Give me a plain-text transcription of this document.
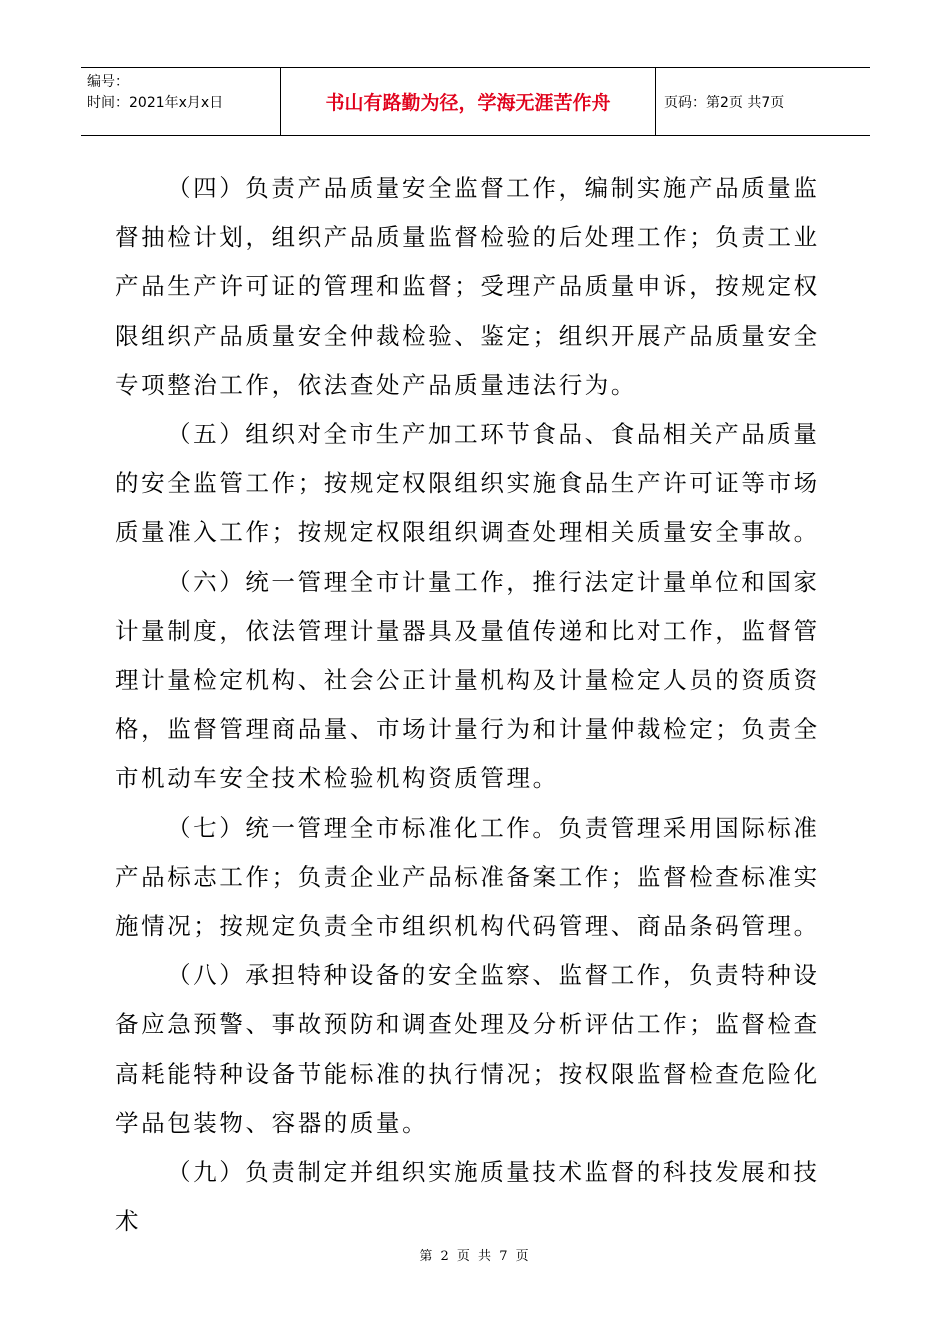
编号：
时间：2021年x月x日	书山有路勤为径，学海无涯苦作舟	页码：第2页 共7页

（四）负责产品质量安全监督工作，编制实施产品质量监督抽检计划，组织产品质量监督检验的后处理工作；负责工业产品生产许可证的管理和监督；受理产品质量申诉，按规定权限组织产品质量安全仲裁检验、鉴定；组织开展产品质量安全专项整治工作，依法查处产品质量违法行为。

（五）组织对全市生产加工环节食品、食品相关产品质量的安全监管工作；按规定权限组织实施食品生产许可证等市场质量准入工作；按规定权限组织调查处理相关质量安全事故。

（六）统一管理全市计量工作，推行法定计量单位和国家计量制度，依法管理计量器具及量值传递和比对工作，监督管理计量检定机构、社会公正计量机构及计量检定人员的资质资格，监督管理商品量、市场计量行为和计量仲裁检定；负责全市机动车安全技术检验机构资质管理。

（七）统一管理全市标准化工作。负责管理采用国际标准产品标志工作；负责企业产品标准备案工作；监督检查标准实施情况；按规定负责全市组织机构代码管理、商品条码管理。

（八）承担特种设备的安全监察、监督工作，负责特种设备应急预警、事故预防和调查处理及分析评估工作；监督检查高耗能特种设备节能标准的执行情况；按权限监督检查危险化学品包装物、容器的质量。

（九）负责制定并组织实施质量技术监督的科技发展和技术

第 2 页 共 7 页
